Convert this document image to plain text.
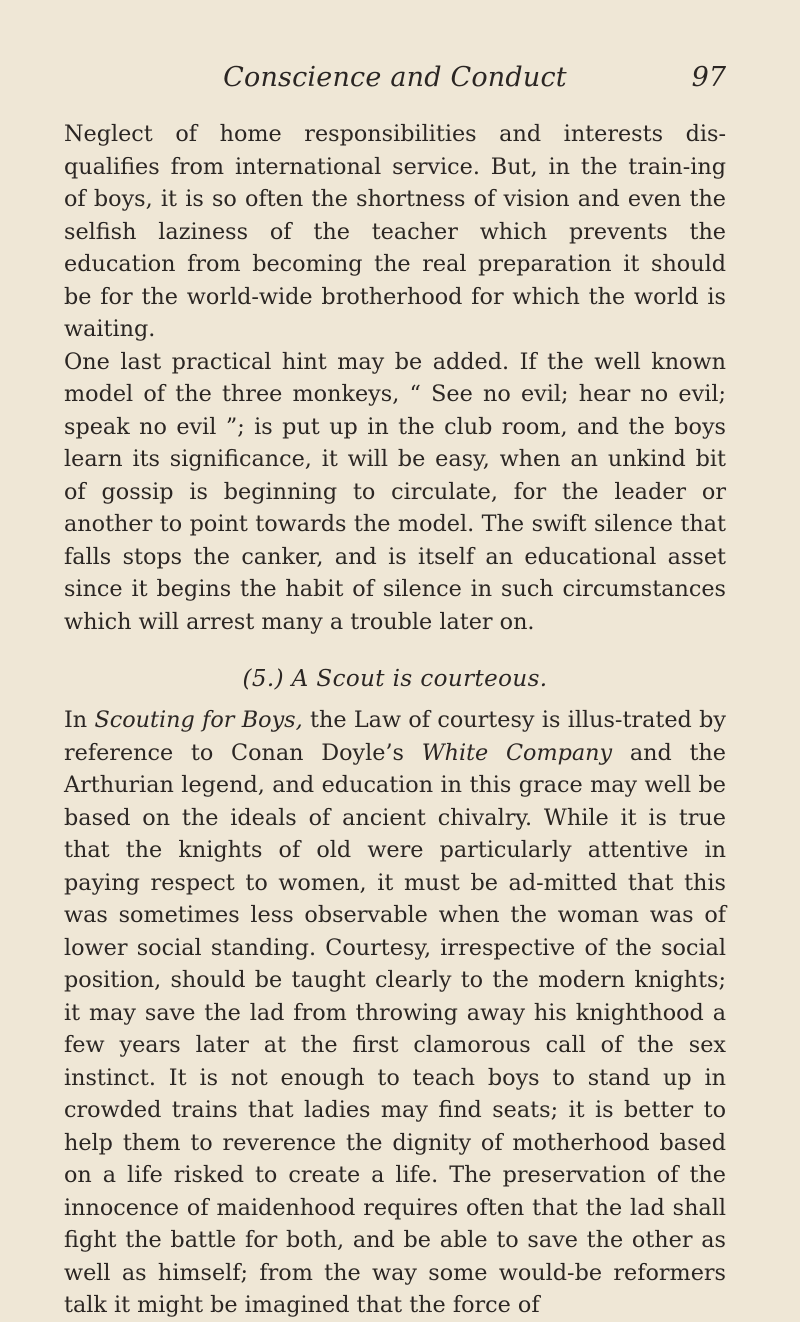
Conscience and Conduct	97

Neglect of home responsibilities and interests dis-qualifies from international service. But, in the train-ing of boys, it is so often the shortness of vision and even the selfish laziness of the teacher which prevents the education from becoming the real preparation it should be for the world-wide brotherhood for which the world is waiting.

One last practical hint may be added. If the well known model of the three monkeys, “ See no evil; hear no evil; speak no evil ”; is put up in the club room, and the boys learn its significance, it will be easy, when an unkind bit of gossip is beginning to circulate, for the leader or another to point towards the model. The swift silence that falls stops the canker, and is itself an educational asset since it begins the habit of silence in such circumstances which will arrest many a trouble later on.

(5.) A Scout is courteous.

In Scouting for Boys, the Law of courtesy is illus-trated by reference to Conan Doyle’s White Company and the Arthurian legend, and education in this grace may well be based on the ideals of ancient chivalry. While it is true that the knights of old were particularly attentive in paying respect to women, it must be ad-mitted that this was sometimes less observable when the woman was of lower social standing. Courtesy, irrespective of the social position, should be taught clearly to the modern knights; it may save the lad from throwing away his knighthood a few years later at the first clamorous call of the sex instinct. It is not enough to teach boys to stand up in crowded trains that ladies may find seats; it is better to help them to reverence the dignity of motherhood based on a life risked to create a life. The preservation of the innocence of maidenhood requires often that the lad shall fight the battle for both, and be able to save the other as well as himself; from the way some would-be reformers talk it might be imagined that the force of
